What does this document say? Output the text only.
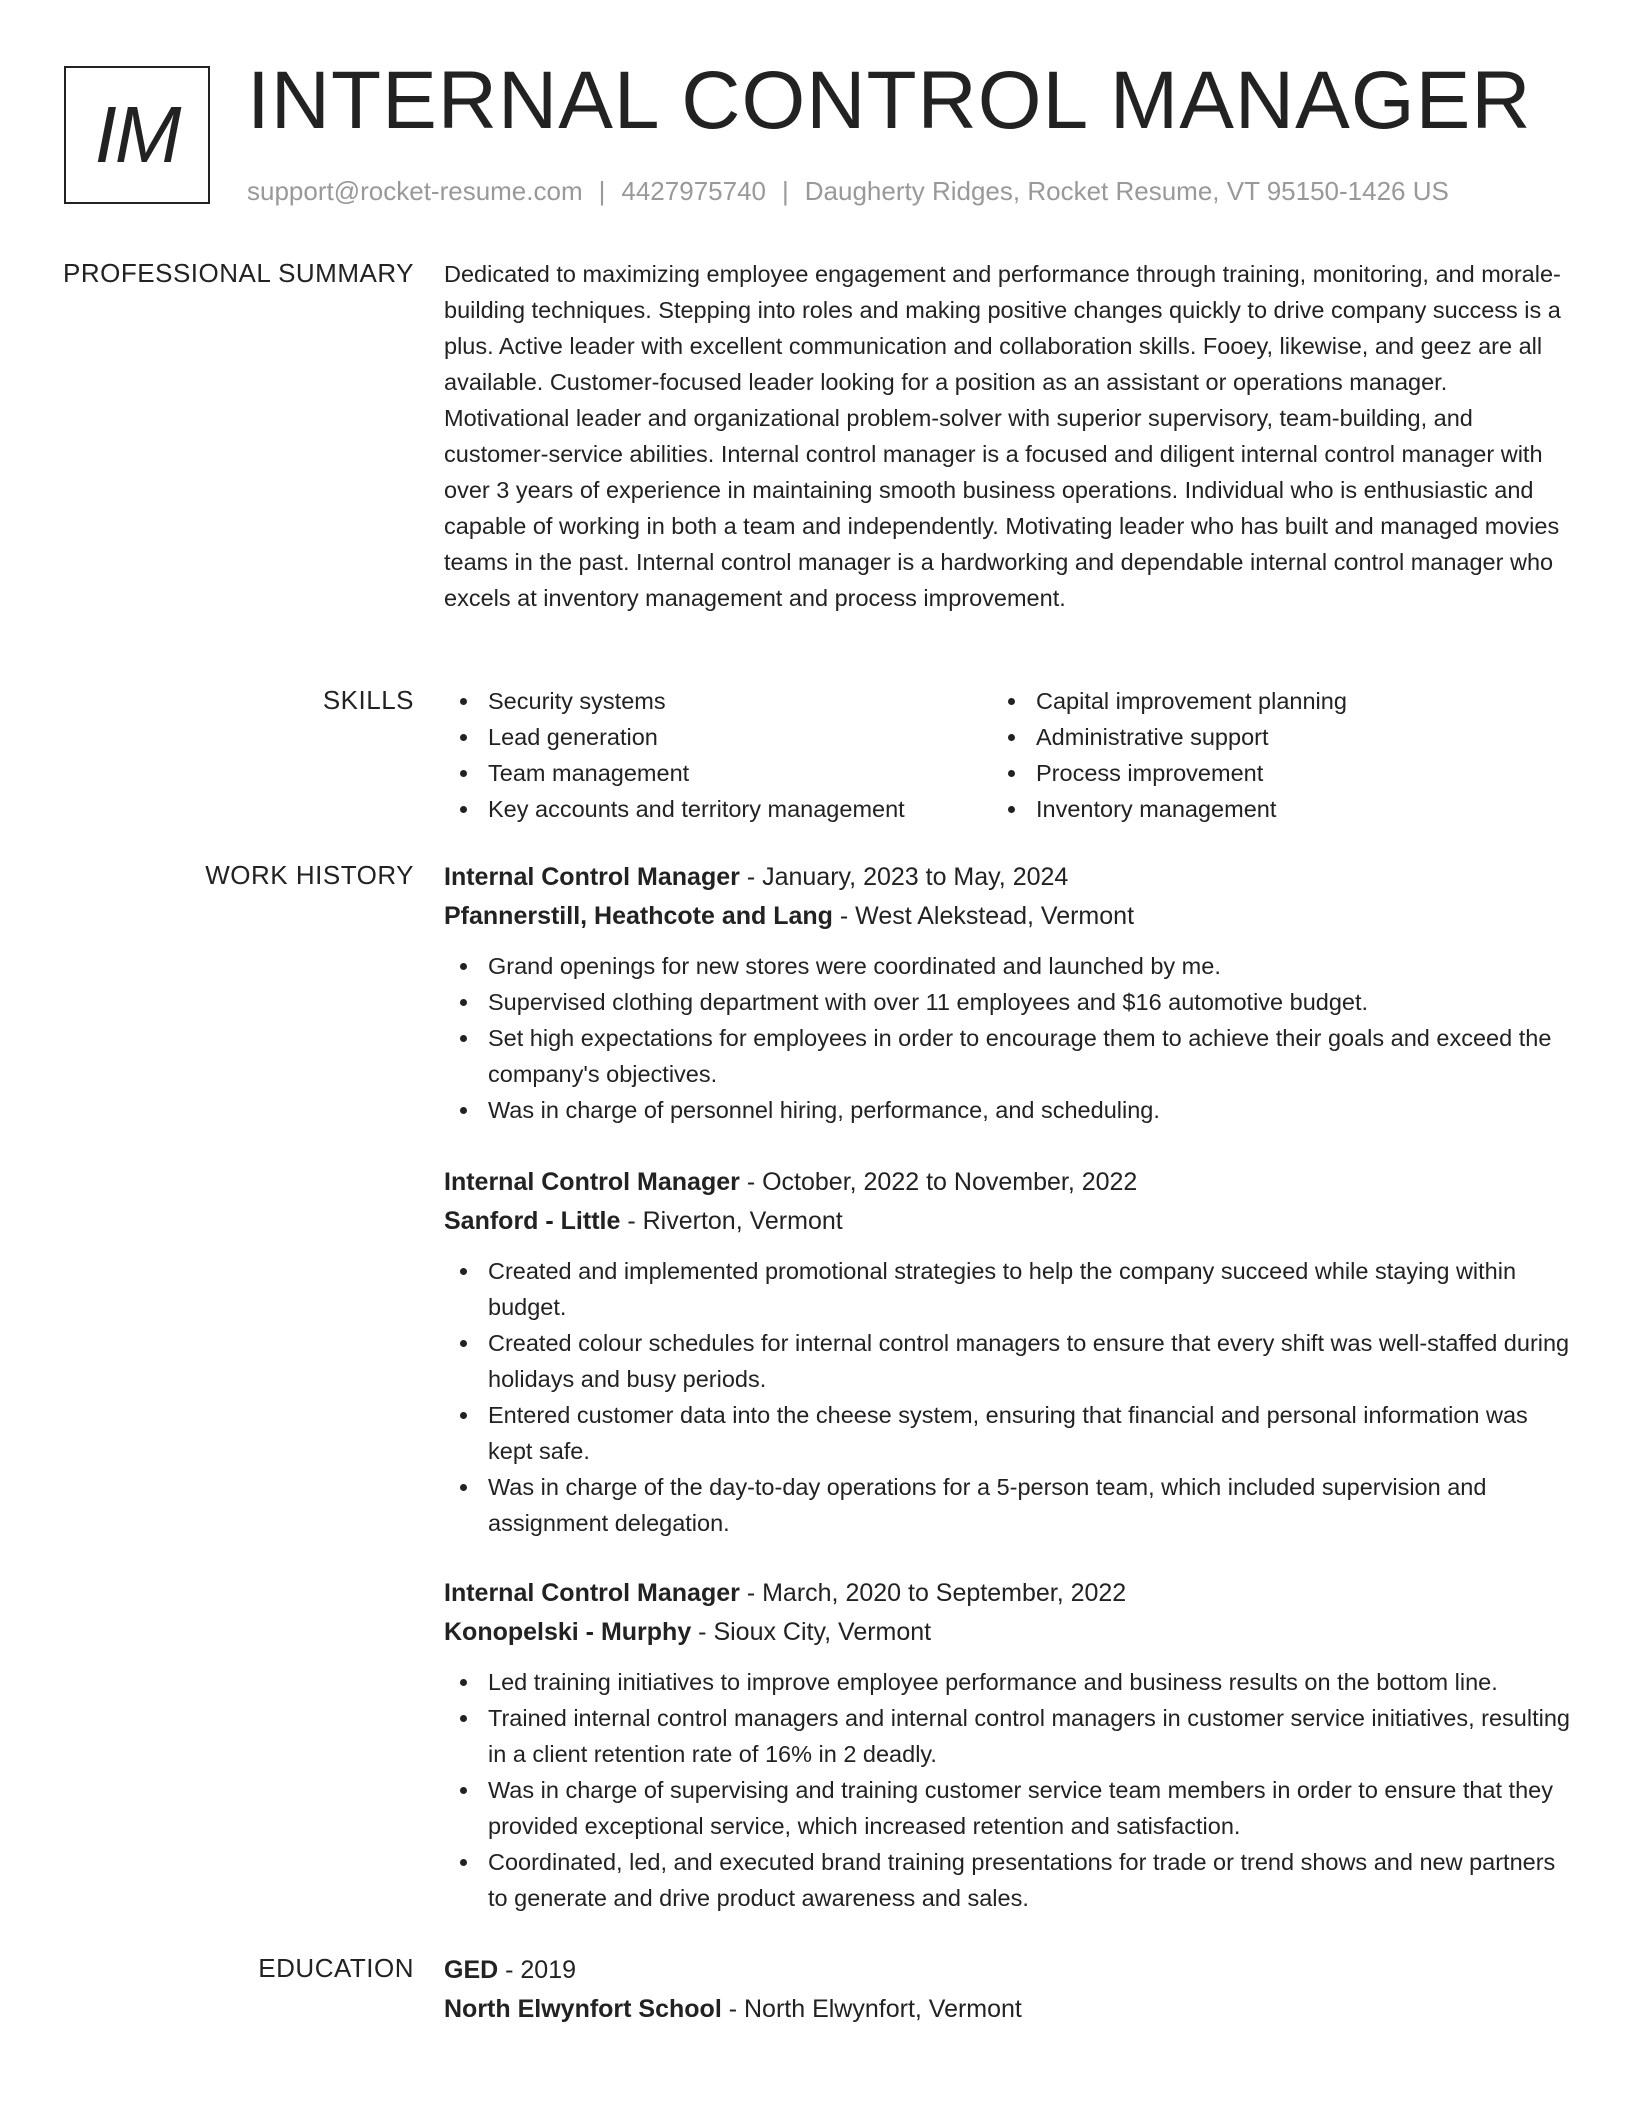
IM INTERNAL CONTROL MANAGER
support@rocket-resume.com | 4427975740 | Daugherty Ridges, Rocket Resume, VT 95150-1426 US
PROFESSIONAL SUMMARY Dedicated to maximizing employee engagement and performance through training, monitoring, and morale-building techniques. Stepping into roles and making positive changes quickly to drive company success is a plus. Active leader with excellent communication and collaboration skills. Fooey, likewise, and geez are all available. Customer-focused leader looking for a position as an assistant or operations manager. Motivational leader and organizational problem-solver with superior supervisory, team-building, and customer-service abilities. Internal control manager is a focused and diligent internal control manager with over 3 years of experience in maintaining smooth business operations. Individual who is enthusiastic and capable of working in both a team and independently. Motivating leader who has built and managed movies teams in the past. Internal control manager is a hardworking and dependable internal control manager who excels at inventory management and process improvement.

SKILLS	Security systems
Lead generation
Team management
Key accounts and territory management
Capital improvement planning
Administrative support
Process improvement
Inventory management
WORK HISTORY Internal Control Manager - January, 2023 to May, 2024
Pfannerstill, Heathcote and Lang - West Alekstead, Vermont
Grand openings for new stores were coordinated and launched by me.
Supervised clothing department with over 11 employees and $16 automotive budget.
Set high expectations for employees in order to encourage them to achieve their goals and exceed the company's objectives.
Was in charge of personnel hiring, performance, and scheduling.
Internal Control Manager - October, 2022 to November, 2022
Sanford - Little - Riverton, Vermont
Created and implemented promotional strategies to help the company succeed while staying within budget.
Created colour schedules for internal control managers to ensure that every shift was well-staffed during holidays and busy periods.
Entered customer data into the cheese system, ensuring that financial and personal information was kept safe.
Was in charge of the day-to-day operations for a 5-person team, which included supervision and assignment delegation.
Internal Control Manager - March, 2020 to September, 2022
Konopelski - Murphy - Sioux City, Vermont
Led training initiatives to improve employee performance and business results on the bottom line.
Trained internal control managers and internal control managers in customer service initiatives, resulting in a client retention rate of 16% in 2 deadly.
Was in charge of supervising and training customer service team members in order to ensure that they provided exceptional service, which increased retention and satisfaction.
Coordinated, led, and executed brand training presentations for trade or trend shows and new partners to generate and drive product awareness and sales.
EDUCATION GED - 2019
North Elwynfort School - North Elwynfort, Vermont
